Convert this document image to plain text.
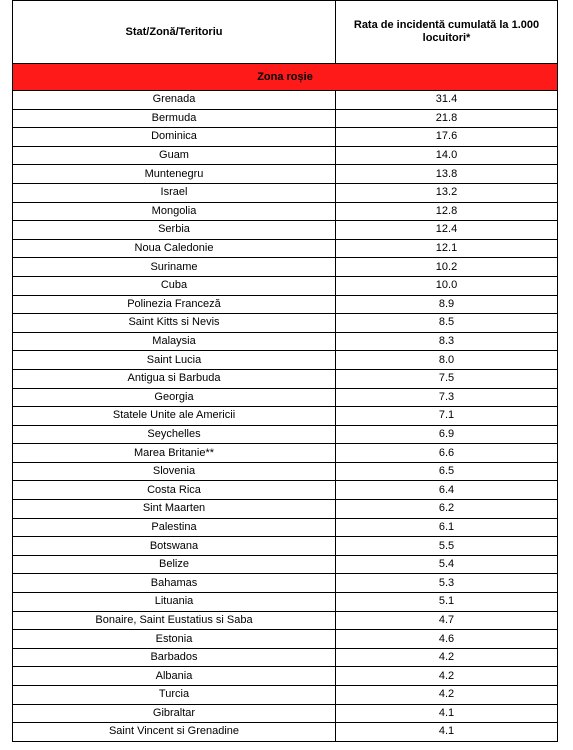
Stat/Zonă/Teritoriu	Rata de incidentă cumulată la 1.000 locuitori*
Zona roșie	
Grenada	31.4
Bermuda	21.8
Dominica	17.6
Guam	14.0
Muntenegru	13.8
Israel	13.2
Mongolia	12.8
Serbia	12.4
Noua Caledonie	12.1
Suriname	10.2
Cuba	10.0
Polinezia Franceză	8.9
Saint Kitts si Nevis	8.5
Malaysia	8.3
Saint Lucia	8.0
Antigua si Barbuda	7.5
Georgia	7.3
Statele Unite ale Americii	7.1
Seychelles	6.9
Marea Britanie**	6.6
Slovenia	6.5
Costa Rica	6.4
Sint Maarten	6.2
Palestina	6.1
Botswana	5.5
Belize	5.4
Bahamas	5.3
Lituania	5.1
Bonaire, Saint Eustatius si Saba	4.7
Estonia	4.6
Barbados	4.2
Albania	4.2
Turcia	4.2
Gibraltar	4.1
Saint Vincent si Grenadine	4.1
